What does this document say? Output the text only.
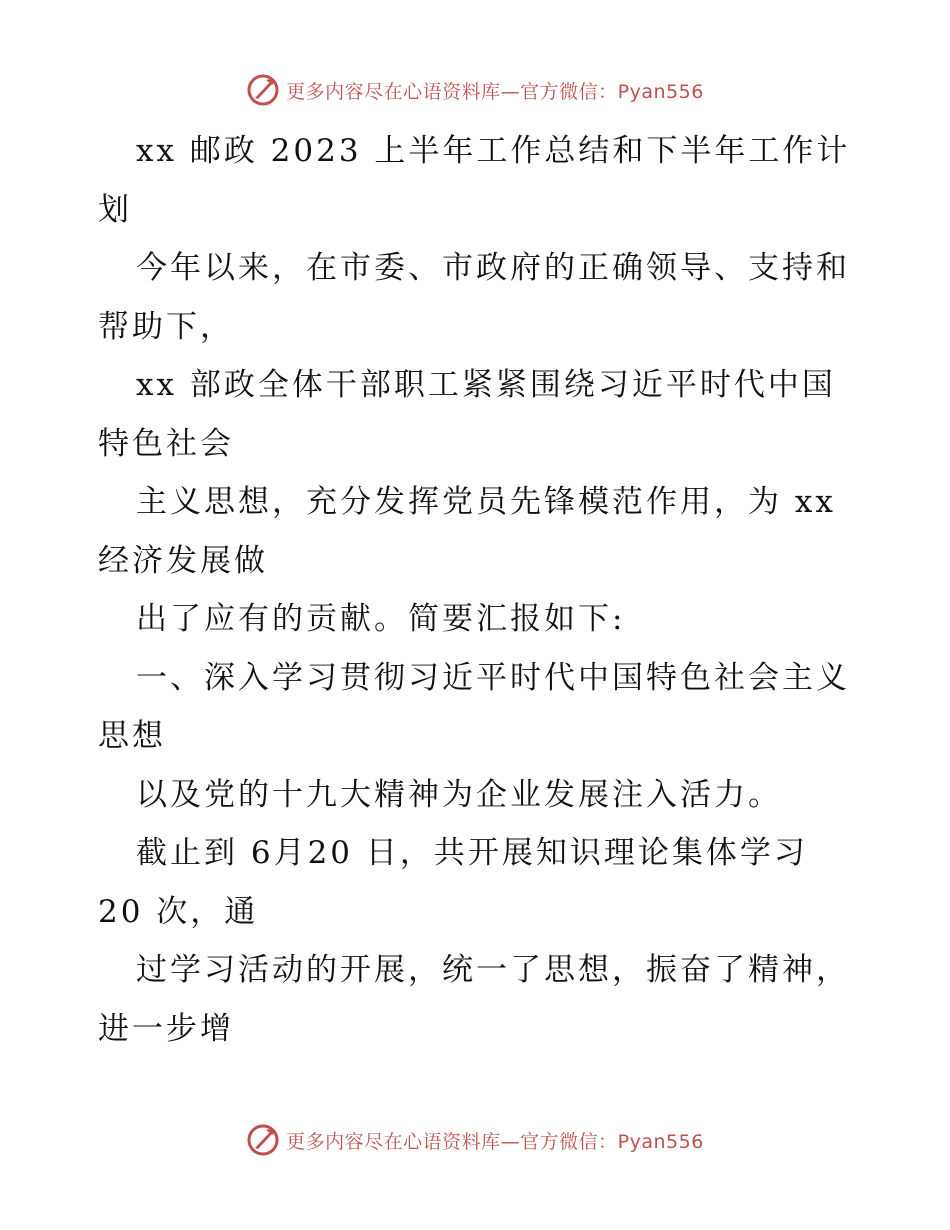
更多内容尽在心语资料库—官方微信：Pyan556
xx 邮政 2023 上半年工作总结和下半年工作计
划
今年以来，在市委、市政府的正确领导、支持和
帮助下，
xx 部政全体干部职工紧紧围绕习近平时代中国
特色社会
主义思想，充分发挥党员先锋模范作用，为 xx
经济发展做
出了应有的贡献。简要汇报如下:
一、深入学习贯彻习近平时代中国特色社会主义
思想
以及党的十九大精神为企业发展注入活力。
截止到 6月20 日，共开展知识理论集体学习
20 次，通
过学习活动的开展，统一了思想，振奋了精神，
进一步增
更多内容尽在心语资料库—官方微信：Pyan556
